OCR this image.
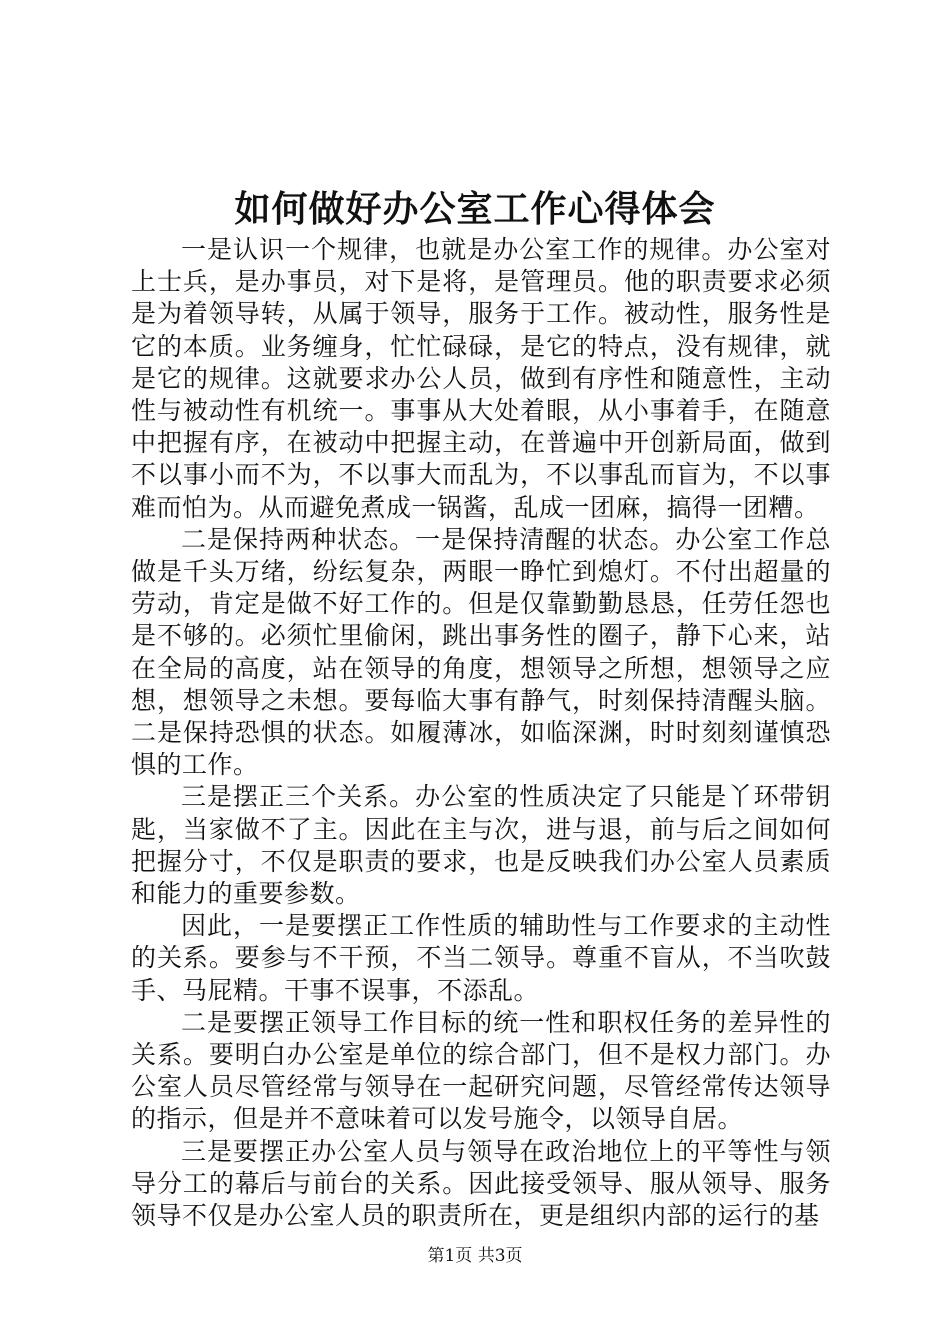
如何做好办公室工作心得体会

一是认识一个规律，也就是办公室工作的规律。办公室对上士兵，是办事员，对下是将，是管理员。他的职责要求必须是为着领导转，从属于领导，服务于工作。被动性，服务性是它的本质。业务缠身，忙忙碌碌，是它的特点，没有规律，就是它的规律。这就要求办公人员，做到有序性和随意性，主动性与被动性有机统一。事事从大处着眼，从小事着手，在随意中把握有序，在被动中把握主动，在普遍中开创新局面，做到不以事小而不为，不以事大而乱为，不以事乱而盲为，不以事难而怕为。从而避免煮成一锅酱，乱成一团麻，搞得一团糟。

二是保持两种状态。一是保持清醒的状态。办公室工作总做是千头万绪，纷纭复杂，两眼一睁忙到熄灯。不付出超量的劳动，肯定是做不好工作的。但是仅靠勤勤恳恳，任劳任怨也是不够的。必须忙里偷闲，跳出事务性的圈子，静下心来，站在全局的高度，站在领导的角度，想领导之所想，想领导之应想，想领导之未想。要每临大事有静气，时刻保持清醒头脑。二是保持恐惧的状态。如履薄冰，如临深渊，时时刻刻谨慎恐惧的工作。

三是摆正三个关系。办公室的性质决定了只能是丫环带钥匙，当家做不了主。因此在主与次，进与退，前与后之间如何把握分寸，不仅是职责的要求，也是反映我们办公室人员素质和能力的重要参数。

因此，一是要摆正工作性质的辅助性与工作要求的主动性的关系。要参与不干预，不当二领导。尊重不盲从，不当吹鼓手、马屁精。干事不误事，不添乱。

二是要摆正领导工作目标的统一性和职权任务的差异性的关系。要明白办公室是单位的综合部门，但不是权力部门。办公室人员尽管经常与领导在一起研究问题，尽管经常传达领导的指示，但是并不意味着可以发号施令，以领导自居。

三是要摆正办公室人员与领导在政治地位上的平等性与领导分工的幕后与前台的关系。因此接受领导、服从领导、服务领导不仅是办公室人员的职责所在，更是组织内部的运行的基

第1页 共3页
